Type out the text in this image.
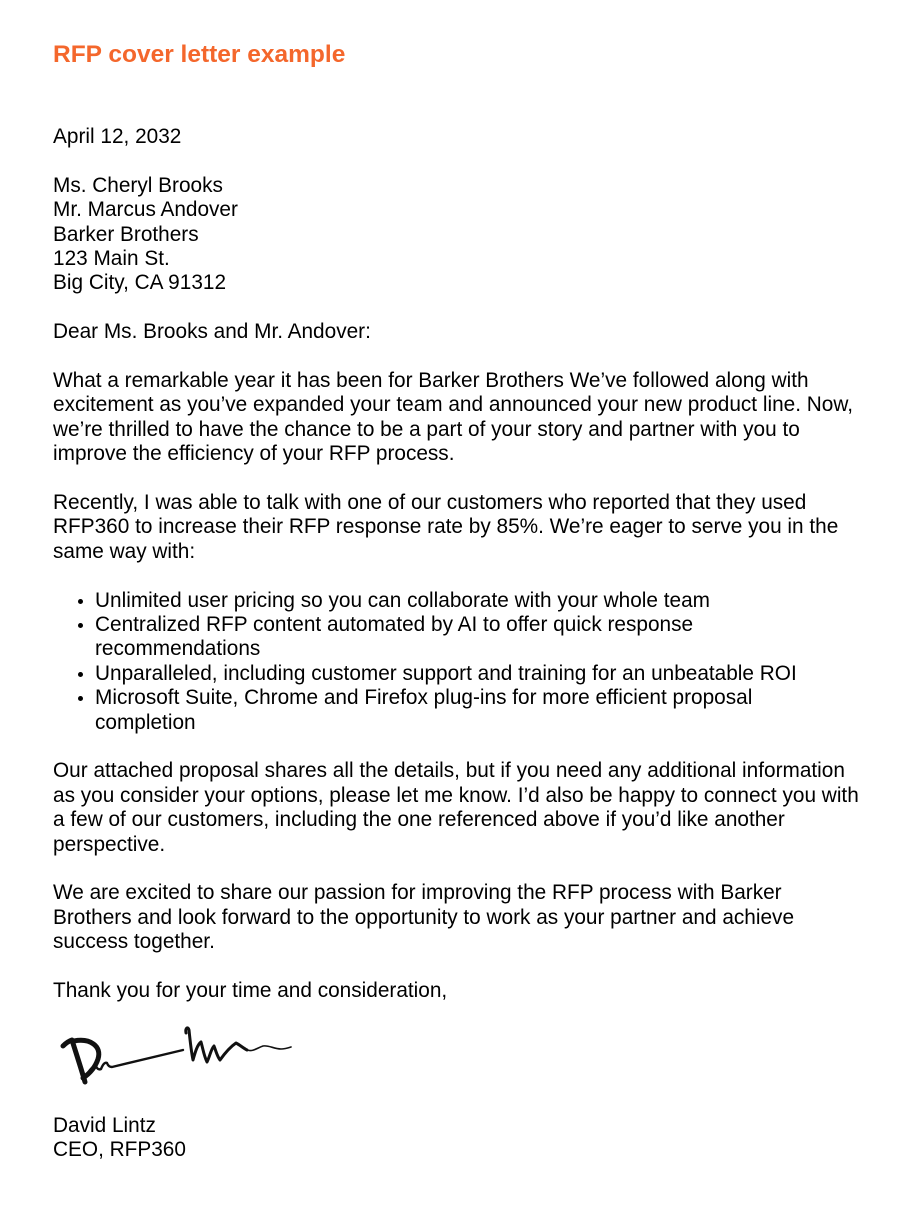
RFP cover letter example
April 12, 2032
Ms. Cheryl Brooks
Mr. Marcus Andover
Barker Brothers
123 Main St.
Big City, CA 91312
Dear Ms. Brooks and Mr. Andover:
What a remarkable year it has been for Barker Brothers We’ve followed along with excitement as you’ve expanded your team and announced your new product line. Now, we’re thrilled to have the chance to be a part of your story and partner with you to improve the efficiency of your RFP process.
Recently, I was able to talk with one of our customers who reported that they used RFP360 to increase their RFP response rate by 85%. We’re eager to serve you in the same way with:
Unlimited user pricing so you can collaborate with your whole team
Centralized RFP content automated by AI to offer quick response recommendations
Unparalleled, including customer support and training for an unbeatable ROI
Microsoft Suite, Chrome and Firefox plug-ins for more efficient proposal completion
Our attached proposal shares all the details, but if you need any additional information as you consider your options, please let me know. I’d also be happy to connect you with a few of our customers, including the one referenced above if you’d like another perspective.
We are excited to share our passion for improving the RFP process with Barker Brothers and look forward to the opportunity to work as your partner and achieve success together.
Thank you for your time and consideration,
David Lintz
CEO, RFP360
